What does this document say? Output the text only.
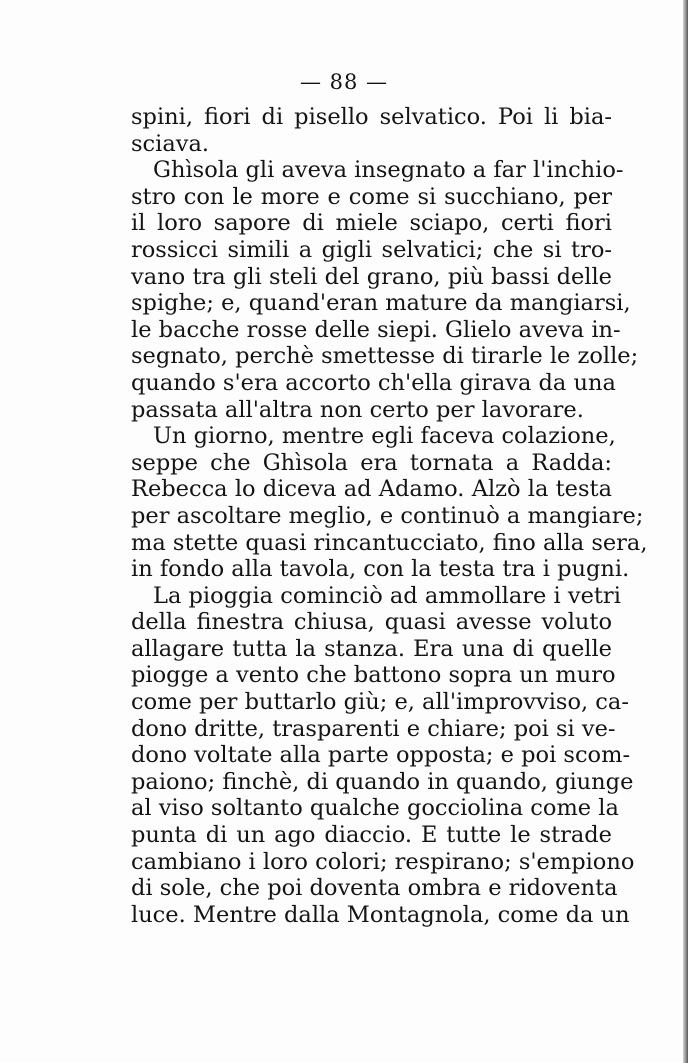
— 88 —

spini, fiori di pisello selvatico. Poi li bia-
sciava.

Ghìsola gli aveva insegnato a far l'inchio-
stro con le more e come si succhiano, per
il loro sapore di miele sciapo, certi fiori
rossicci simili a gigli selvatici; che si tro-
vano tra gli steli del grano, più bassi delle
spighe; e, quand'eran mature da mangiarsi,
le bacche rosse delle siepi. Glielo aveva in-
segnato, perchè smettesse di tirarle le zolle;
quando s'era accorto ch'ella girava da una
passata all'altra non certo per lavorare.

Un giorno, mentre egli faceva colazione,
seppe che Ghìsola era tornata a Radda:
Rebecca lo diceva ad Adamo. Alzò la testa
per ascoltare meglio, e continuò a mangiare;
ma stette quasi rincantucciato, fino alla sera,
in fondo alla tavola, con la testa tra i pugni.

La pioggia cominciò ad ammollare i vetri
della finestra chiusa, quasi avesse voluto
allagare tutta la stanza. Era una di quelle
piogge a vento che battono sopra un muro
come per buttarlo giù; e, all'improvviso, ca-
dono dritte, trasparenti e chiare; poi si ve-
dono voltate alla parte opposta; e poi scom-
paiono; finchè, di quando in quando, giunge
al viso soltanto qualche gocciolina come la
punta di un ago diaccio. E tutte le strade
cambiano i loro colori; respirano; s'empiono
di sole, che poi doventa ombra e ridoventa
luce. Mentre dalla Montagnola, come da un
